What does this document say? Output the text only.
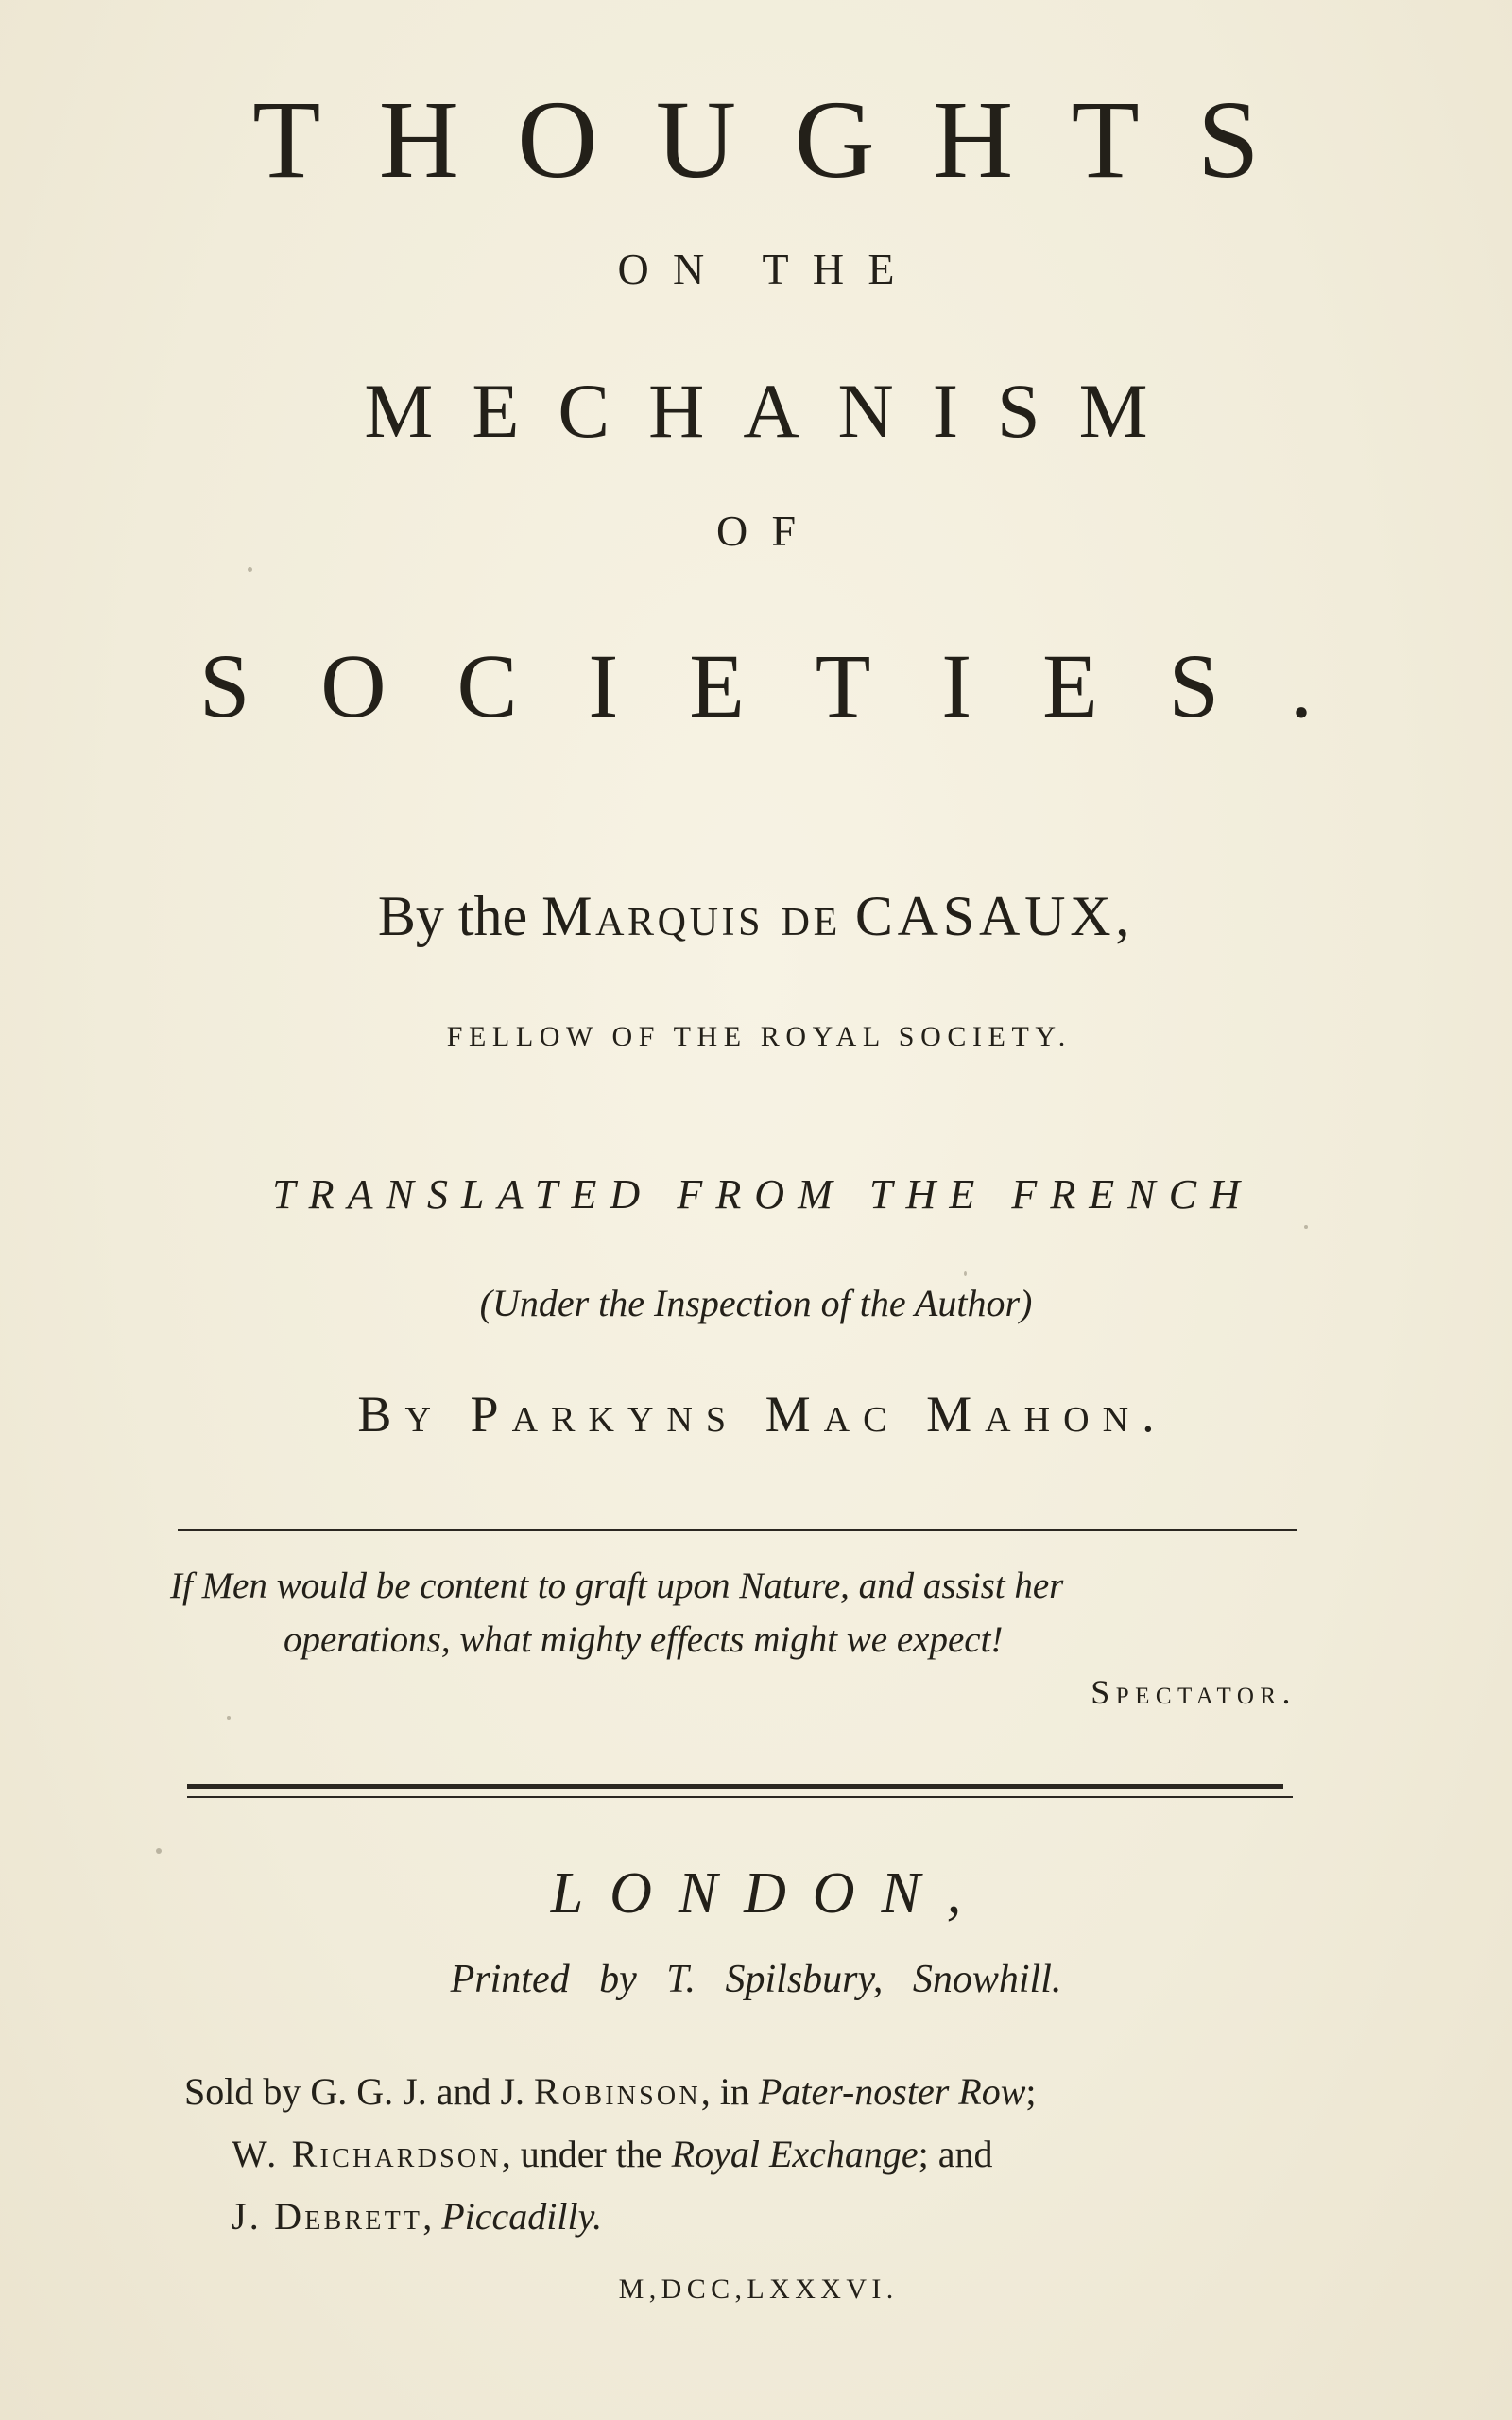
THOUGHTS
ON THE
MECHANISM
OF
SOCIETIES.
By the Marquis de CASAUX,
FELLOW OF THE ROYAL SOCIETY.
TRANSLATED FROM THE FRENCH
(Under the Inspection of the Author)
By Parkyns Mac Mahon.
If Men would be content to graft upon Nature, and assist her
operations, what mighty effects might we expect!
Spectator.
LONDON,
Printed by T. Spilsbury, Snowhill.
Sold by G. G. J. and J. Robinson, in Pater-noster Row;
W. Richardson, under the Royal Exchange; and
J. Debrett, Piccadilly.
M,DCC,LXXXVI.
